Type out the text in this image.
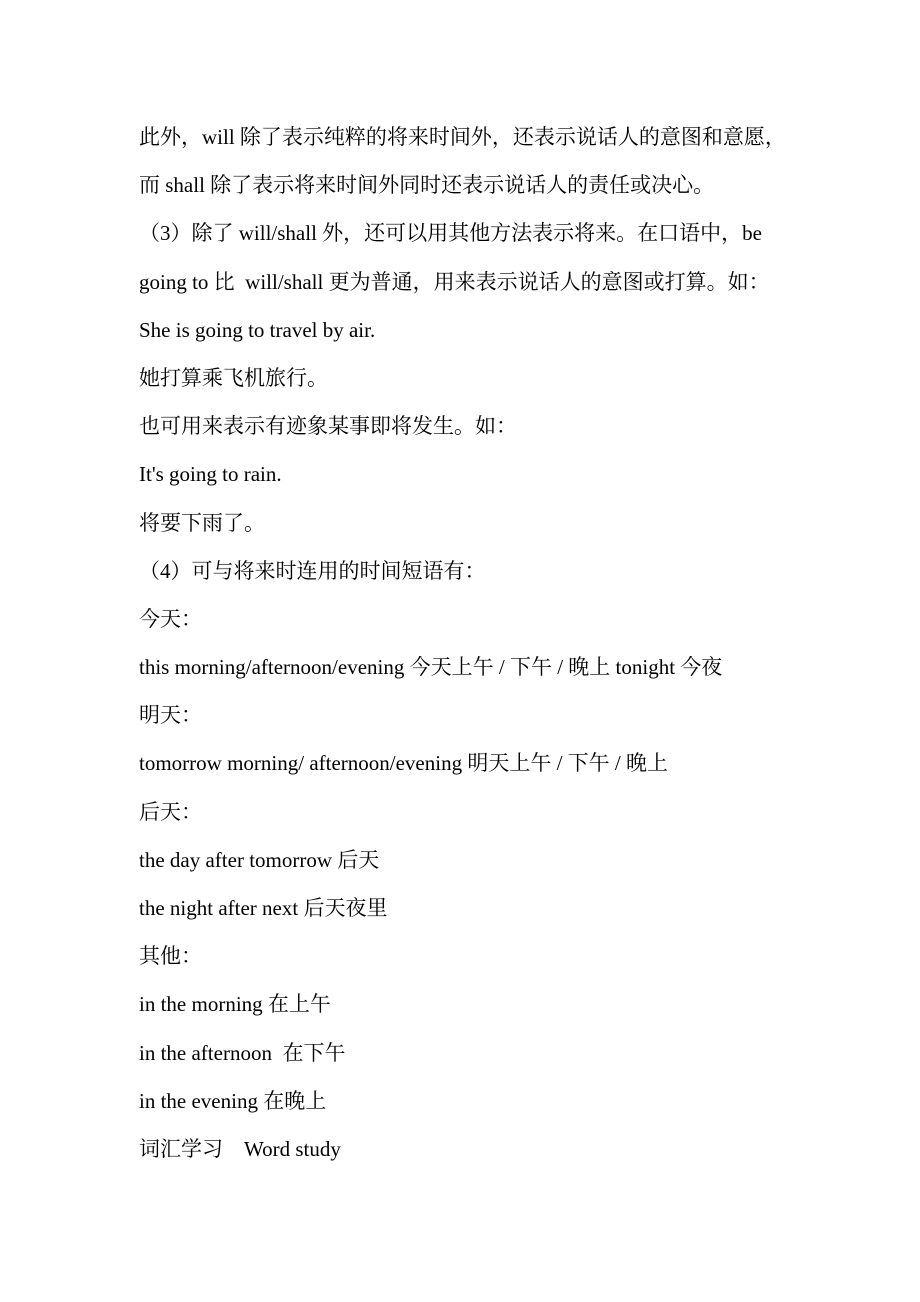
此外，will 除了表示纯粹的将来时间外，还表示说话人的意图和意愿，
而 shall 除了表示将来时间外同时还表示说话人的责任或决心。
（3）除了 will/shall 外，还可以用其他方法表示将来。在口语中，be
going to 比  will/shall 更为普通，用来表示说话人的意图或打算。如：
She is going to travel by air.
她打算乘飞机旅行。
也可用来表示有迹象某事即将发生。如：
It's going to rain.
将要下雨了。
（4）可与将来时连用的时间短语有：
今天：
this morning/afternoon/evening 今天上午 / 下午 / 晚上 tonight 今夜
明天：
tomorrow morning/ afternoon/evening 明天上午 / 下午 / 晚上
后天：
the day after tomorrow 后天
the night after next 后天夜里
其他：
in the morning 在上午
in the afternoon  在下午
in the evening 在晚上
词汇学习    Word study
